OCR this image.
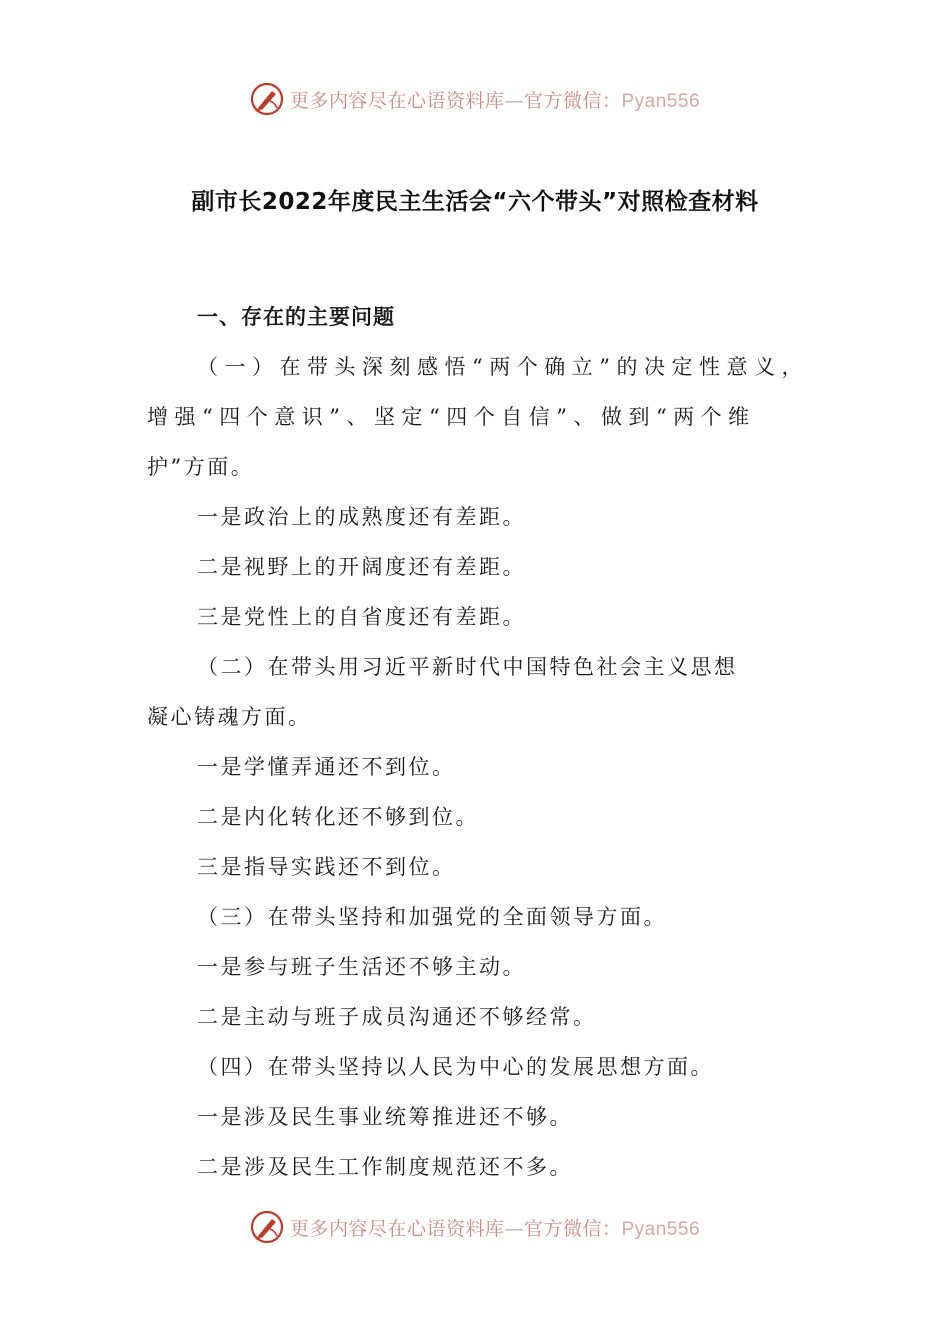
更多内容尽在心语资料库—官方微信：Pyan556
副市长2022年度民主生活会“六个带头”对照检查材料
一、存在的主要问题
（一）在带头深刻感悟“两个确立”的决定性意义，
增强“四个意识”、坚定“四个自信”、做到“两个维
护”方面。
一是政治上的成熟度还有差距。
二是视野上的开阔度还有差距。
三是党性上的自省度还有差距。
（二）在带头用习近平新时代中国特色社会主义思想
凝心铸魂方面。
一是学懂弄通还不到位。
二是内化转化还不够到位。
三是指导实践还不到位。
（三）在带头坚持和加强党的全面领导方面。
一是参与班子生活还不够主动。
二是主动与班子成员沟通还不够经常。
（四）在带头坚持以人民为中心的发展思想方面。
一是涉及民生事业统筹推进还不够。
二是涉及民生工作制度规范还不多。
更多内容尽在心语资料库—官方微信：Pyan556
